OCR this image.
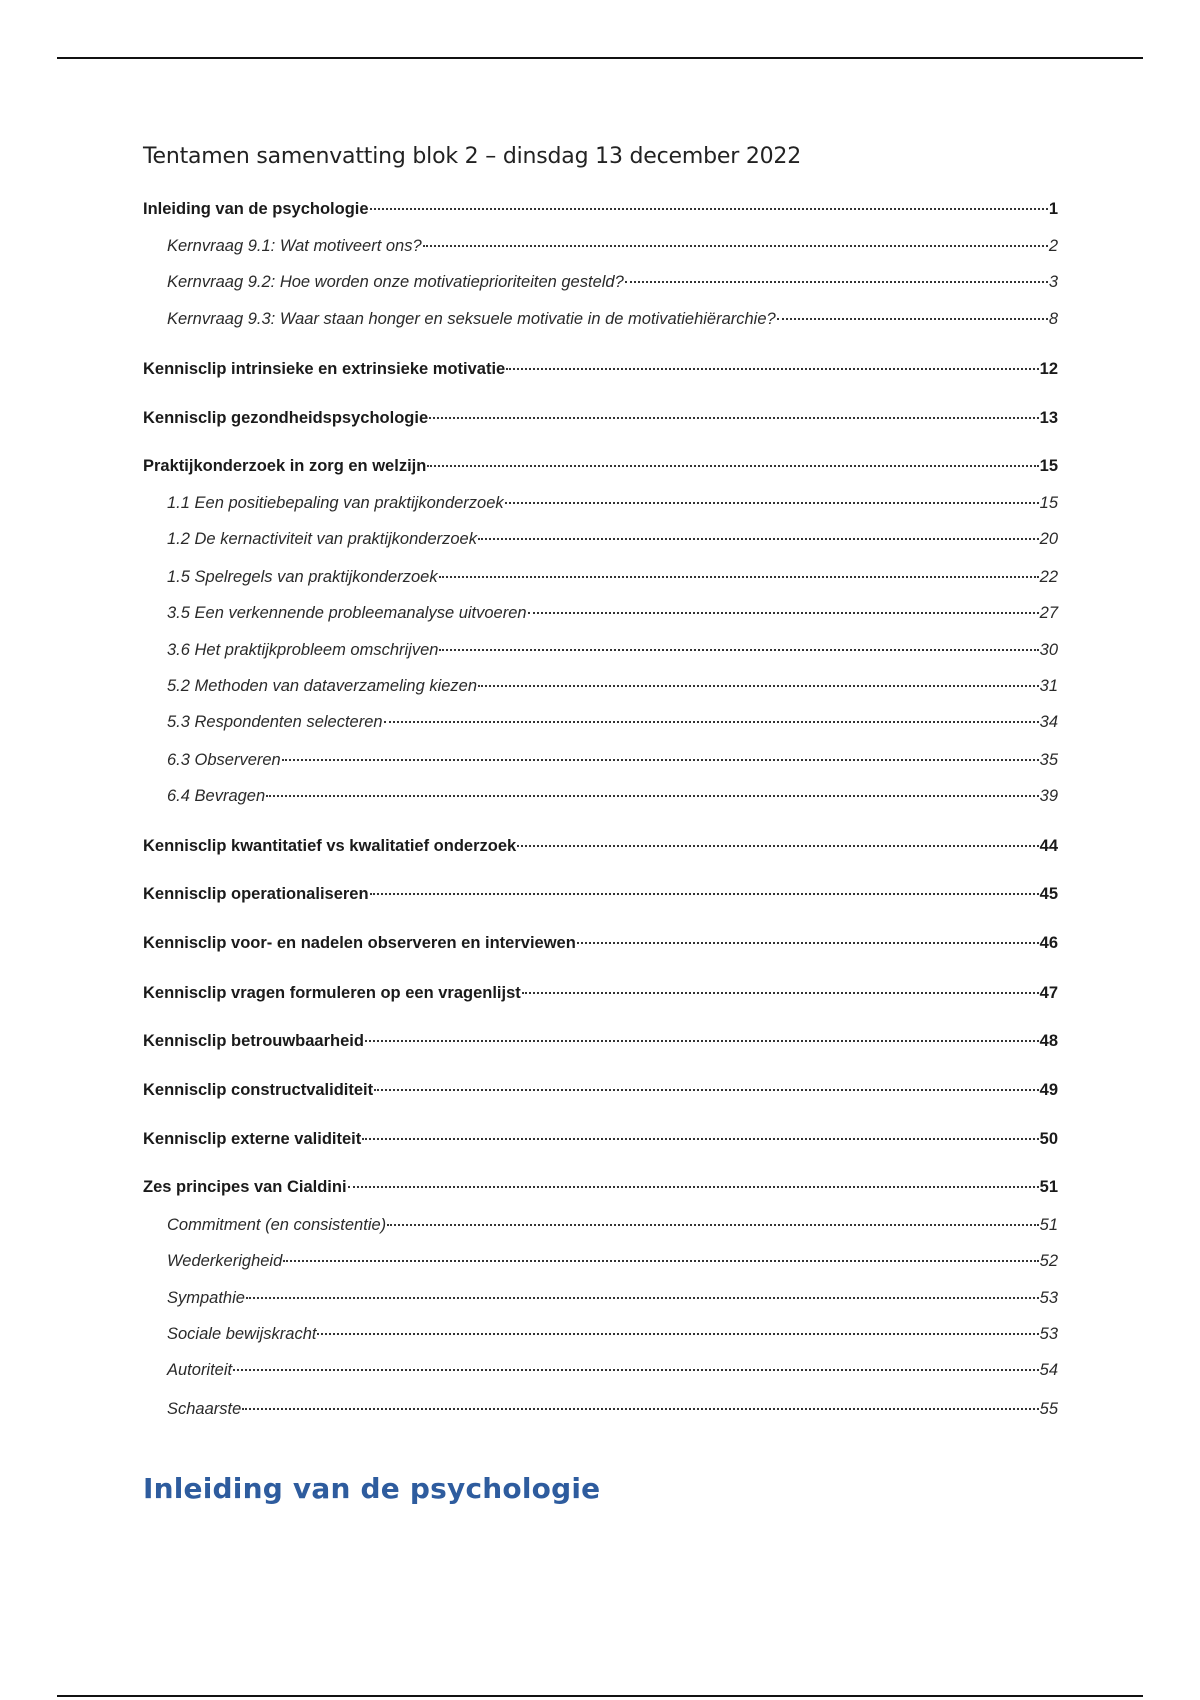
Tentamen samenvatting blok 2 – dinsdag 13 december 2022
Inleiding van de psychologie	1
Kernvraag 9.1: Wat motiveert ons?	2
Kernvraag 9.2: Hoe worden onze motivatieprioriteiten gesteld?	3
Kernvraag 9.3: Waar staan honger en seksuele motivatie in de motivatiehiërarchie?	8
Kennisclip intrinsieke en extrinsieke motivatie	12
Kennisclip gezondheidspsychologie	13
Praktijkonderzoek in zorg en welzijn	15
1.1 Een positiebepaling van praktijkonderzoek	15
1.2 De kernactiviteit van praktijkonderzoek	20
1.5 Spelregels van praktijkonderzoek	22
3.5 Een verkennende probleemanalyse uitvoeren	27
3.6 Het praktijkprobleem omschrijven	30
5.2 Methoden van dataverzameling kiezen	31
5.3 Respondenten selecteren	34
6.3 Observeren	35
6.4 Bevragen	39
Kennisclip kwantitatief vs kwalitatief onderzoek	44
Kennisclip operationaliseren	45
Kennisclip voor- en nadelen observeren en interviewen	46
Kennisclip vragen formuleren op een vragenlijst	47
Kennisclip betrouwbaarheid	48
Kennisclip constructvaliditeit	49
Kennisclip externe validiteit	50
Zes principes van Cialdini	51
Commitment (en consistentie)	51
Wederkerigheid	52
Sympathie	53
Sociale bewijskracht	53
Autoriteit	54
Schaarste	55
Inleiding van de psychologie
